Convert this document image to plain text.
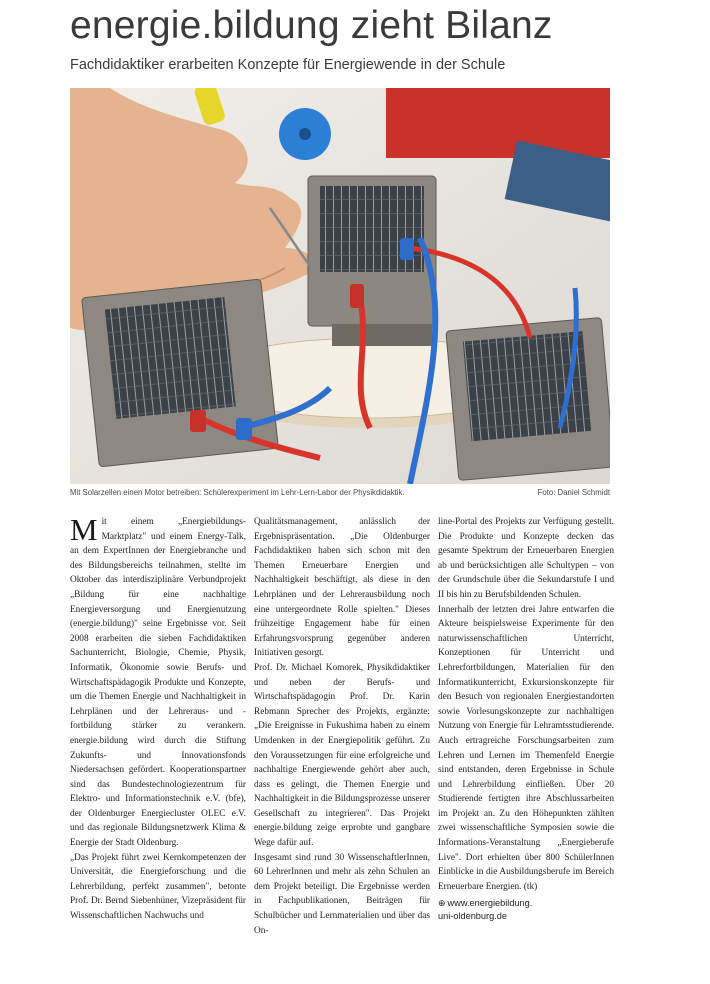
energie.bildung zieht Bilanz
Fachdidaktiker erarbeiten Konzepte für Energiewende in der Schule
Mit Solarzellen einen Motor betreiben: Schülerexperiment im Lehr-Lern-Labor der Physikdidaktik.	Foto: Daniel Schmidt

Mit einem „Energiebildungs-Marktplatz" und einem Energy-Talk, an dem ExpertInnen der Energiebranche und des Bildungsbereichs teilnahmen, stellte im Oktober das interdisziplinäre Verbundprojekt „Bildung für eine nachhaltige Energieversorgung und Energienutzung (energie.bildung)" seine Ergebnisse vor. Seit 2008 erarbeiten die sieben Fachdidaktiken Sachunterricht, Biologie, Chemie, Physik, Informatik, Ökonomie sowie Berufs- und Wirtschaftspädagogik Produkte und Konzepte, um die Themen Energie und Nachhaltigkeit in Lehrplänen und der Lehreraus- und -fortbildung stärker zu verankern. energie.bildung wird durch die Stiftung Zukunfts- und Innovationsfonds Niedersachsen gefördert. Kooperationspartner sind das Bundestechnologiezentrum für Elektro- und Informationstechnik e.V. (bfe), der Oldenburger Energiecluster OLEC e.V. und das regionale Bildungsnetzwerk Klima & Energie der Stadt Oldenburg.

„Das Projekt führt zwei Kernkompetenzen der Universität, die Energieforschung und die Lehrerbildung, perfekt zusammen", betonte Prof. Dr. Bernd Siebenhüner, Vizepräsident für Wissenschaftlichen Nachwuchs und

Qualitätsmanagement, anlässlich der Ergebnispräsentation. „Die Oldenburger Fachdidaktiken haben sich schon mit den Themen Erneuerbare Energien und Nachhaltigkeit beschäftigt, als diese in den Lehrplänen und der Lehrerausbildung noch eine untergeordnete Rolle spielten." Dieses frühzeitige Engagement habe für einen Erfahrungsvorsprung gegenüber anderen Initiativen gesorgt.

Prof. Dr. Michael Komorek, Physikdidaktiker und neben der Berufs- und Wirtschaftspädagogin Prof. Dr. Karin Rebmann Sprecher des Projekts, ergänzte: „Die Ereignisse in Fukushima haben zu einem Umdenken in der Energiepolitik geführt. Zu den Voraussetzungen für eine erfolgreiche und nachhaltige Energiewende gehört aber auch, dass es gelingt, die Themen Energie und Nachhaltigkeit in die Bildungsprozesse unserer Gesellschaft zu integrieren". Das Projekt energie.bildung zeige erprobte und gangbare Wege dafür auf.

Insgesamt sind rund 30 WissenschaftlerInnen, 60 LehrerInnen und mehr als zehn Schulen an dem Projekt beteiligt. Die Ergebnisse werden in Fachpublikationen, Beiträgen für Schulbücher und Lernmaterialien und über das On-

line-Portal des Projekts zur Verfügung gestellt. Die Produkte und Konzepte decken das gesamte Spektrum der Erneuerbaren Energien ab und berücksichtigen alle Schultypen – von der Grundschule über die Sekundarstufe I und II bis hin zu Berufsbildenden Schulen.

Innerhalb der letzten drei Jahre entwarfen die Akteure beispielsweise Experimente für den naturwissenschaftlichen Unterricht, Konzeptionen für Unterricht und Lehrerfortbildungen, Materialien für den Informatikunterricht, Exkursionskonzepte für den Besuch von regionalen Energiestandorten sowie Vorlesungskonzepte zur nachhaltigen Nutzung von Energie für Lehramtsstudierende. Auch ertragreiche Forschungsarbeiten zum Lehren und Lernen im Themenfeld Energie sind entstanden, deren Ergebnisse in Schule und Lehrerbildung einfließen. Über 20 Studierende fertigten ihre Abschlussarbeiten im Projekt an. Zu den Höhepunkten zählten zwei wissenschaftliche Symposien sowie die Informations-Veranstaltung „Energieberufe Live". Dort erhielten über 800 SchülerInnen Einblicke in die Ausbildungsberufe im Bereich Erneuerbare Energien. (tk)

⊕ www.energiebildung.
uni-oldenburg.de
